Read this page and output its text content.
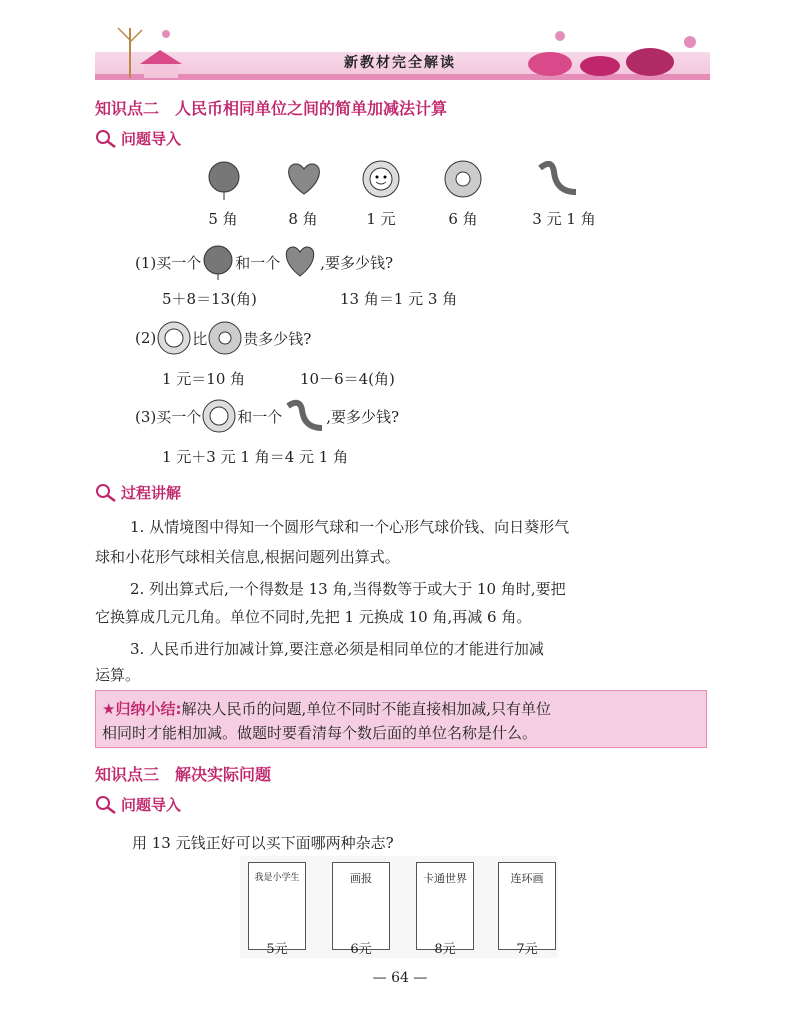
新教材完全解读
知识点二　人民币相同单位之间的简单加减法计算
问题导入
5 角	8 角	1 元	6 角	3 元 1 角
(1)买一个 和一个	,要多少钱?
5＋8＝13(角)	13 角＝1 元 3 角
(2) 比 贵多少钱?
1 元＝10 角	10－6＝4(角)
(3)买一个 和一个	,要多少钱?
1 元＋3 元 1 角＝4 元 1 角
过程讲解
1. 从情境图中得知一个圆形气球和一个心形气球价钱、向日葵形气
球和小花形气球相关信息,根据问题列出算式。
2. 列出算式后,一个得数是 13 角,当得数等于或大于 10 角时,要把
它换算成几元几角。单位不同时,先把 1 元换成 10 角,再减 6 角。
3. 人民币进行加减计算,要注意必须是相同单位的才能进行加减
运算。
★归纳小结:解决人民币的问题,单位不同时不能直接相加减,只有单位
相同时才能相加减。做题时要看清每个数后面的单位名称是什么。
知识点三　解决实际问题
问题导入
用 13 元钱正好可以买下面哪两种杂志?
我是小学生
5元
画报
6元
卡通世界
8元
连环画
7元
— 64 —
